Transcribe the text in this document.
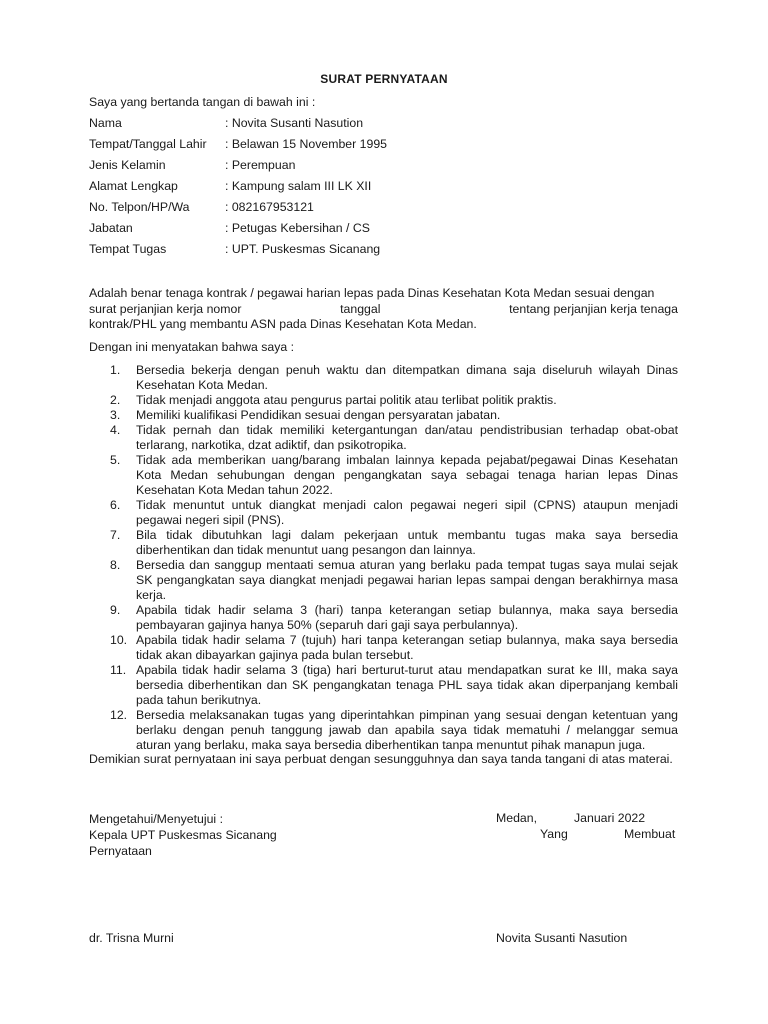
SURAT PERNYATAAN
Saya yang bertanda tangan di bawah ini :
Nama	: Novita Susanti Nasution
Tempat/Tanggal Lahir	: Belawan 15 November 1995
Jenis Kelamin	: Perempuan
Alamat Lengkap	: Kampung salam III LK XII
No. Telpon/HP/Wa	: 082167953121
Jabatan	: Petugas Kebersihan / CS
Tempat Tugas	: UPT. Puskesmas Sicanang
Adalah benar tenaga kontrak / pegawai harian lepas pada Dinas Kesehatan Kota Medan sesuai dengan
surat perjanjian kerja nomor	tanggal	tentang perjanjian kerja tenaga
kontrak/PHL yang membantu ASN pada Dinas Kesehatan Kota Medan.
Dengan ini menyatakan bahwa saya :
1.	Bersedia bekerja dengan penuh waktu dan ditempatkan dimana saja diseluruh wilayah Dinas Kesehatan Kota Medan.
2.	Tidak menjadi anggota atau pengurus partai politik atau terlibat politik praktis.
3.	Memiliki kualifikasi Pendidikan sesuai dengan persyaratan jabatan.
4.	Tidak pernah dan tidak memiliki ketergantungan dan/atau pendistribusian terhadap obat-obat terlarang, narkotika, dzat adiktif, dan psikotropika.
5.	Tidak ada memberikan uang/barang imbalan lainnya kepada pejabat/pegawai Dinas Kesehatan Kota Medan sehubungan dengan pengangkatan saya sebagai tenaga harian lepas Dinas Kesehatan Kota Medan tahun 2022.
6.	Tidak menuntut untuk diangkat menjadi calon pegawai negeri sipil (CPNS) ataupun menjadi pegawai negeri sipil (PNS).
7.	Bila tidak dibutuhkan lagi dalam pekerjaan untuk membantu tugas maka saya bersedia diberhentikan dan tidak menuntut uang pesangon dan lainnya.
8.	Bersedia dan sanggup mentaati semua aturan yang berlaku pada tempat tugas saya mulai sejak SK pengangkatan saya diangkat menjadi pegawai harian lepas sampai dengan berakhirnya masa kerja.
9.	Apabila tidak hadir selama 3 (hari) tanpa keterangan setiap bulannya, maka saya bersedia pembayaran gajinya hanya 50% (separuh dari gaji saya perbulannya).
10. Apabila tidak hadir selama 7 (tujuh) hari tanpa keterangan setiap bulannya, maka saya bersedia tidak akan dibayarkan gajinya pada bulan tersebut.
11. Apabila tidak hadir selama 3 (tiga) hari berturut-turut atau mendapatkan surat ke III, maka saya bersedia diberhentikan dan SK pengangkatan tenaga PHL saya tidak akan diperpanjang kembali pada tahun berikutnya.
12. Bersedia melaksanakan tugas yang diperintahkan pimpinan yang sesuai dengan ketentuan yang berlaku dengan penuh tanggung jawab dan apabila saya tidak mematuhi / melanggar semua aturan yang berlaku, maka saya bersedia diberhentikan tanpa menuntut pihak manapun juga.
Demikian surat pernyataan ini saya perbuat dengan sesungguhnya dan saya tanda tangani di atas materai.
Mengetahui/Menyetujui :
Kepala UPT Puskesmas Sicanang
Pernyataan
Medan,	Januari 2022
Yang	Membuat
dr. Trisna Murni	Novita Susanti Nasution
